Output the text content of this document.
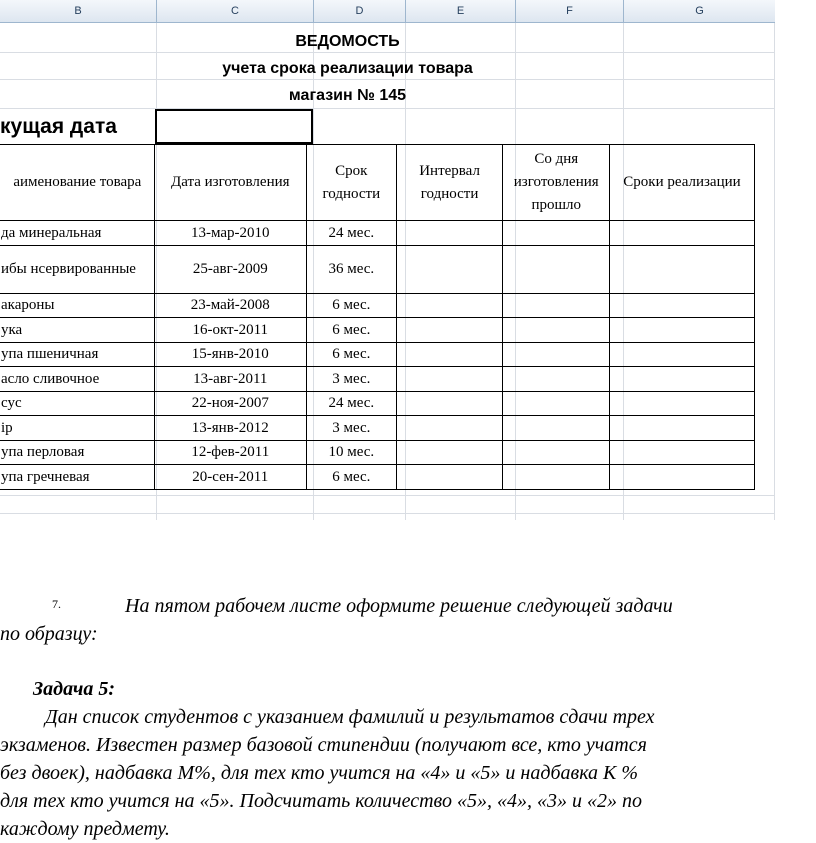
B	C	D	E	F	G
ВЕДОМОСТЬ
учета срока реализации товара
магазин № 145
кущая дата
аименование товара	Дата изготовления	Срок годности	Интервал годности	Со дня изготовления прошло	Сроки реализации
да минеральная	13-мар-2010	24 мес.			
ибы нсервированные	25-авг-2009	36 мес.			
акароны	23-май-2008	6 мес.			
ука	16-окт-2011	6 мес.			
упа пшеничная	15-янв-2010	6 мес.			
асло сливочное	13-авг-2011	3 мес.			
сус	22-ноя-2007	24 мес.			
ір	13-янв-2012	3 мес.			
упа перловая	12-фев-2011	10 мес.			
упа гречневая	20-сен-2011	6 мес.			
7.	На пятом рабочем листе оформите решение следующей задачи
по образцу:
Задача 5:
Дан список студентов с указанием фамилий и результатов сдачи трех
экзаменов. Известен размер базовой стипендии (получают все, кто учатся
без двоек), надбавка М%, для тех кто учится на «4» и «5» и надбавка К %
для тех кто учится на «5». Подсчитать количество «5», «4», «3» и «2» по
каждому предмету.
